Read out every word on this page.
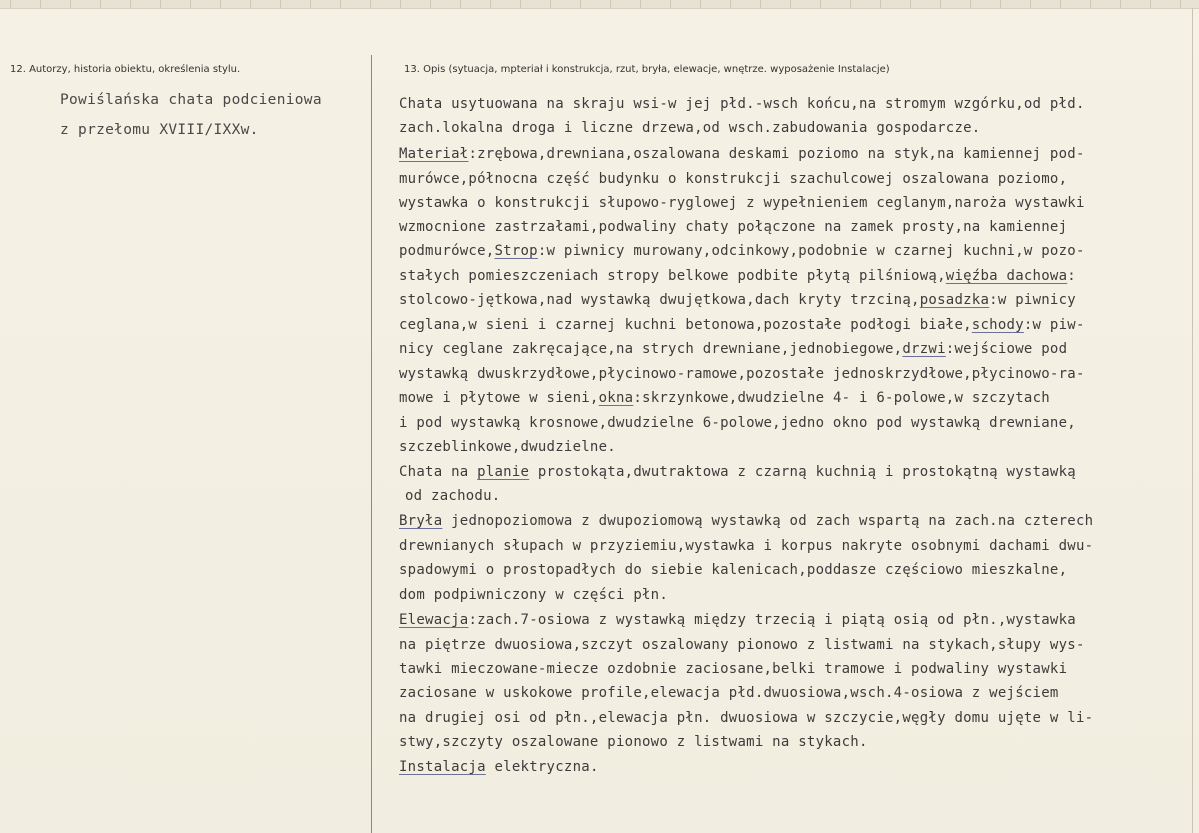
12. Autorzy, historia obiektu, określenia stylu.	13. Opis (sytuacja, mpteriał i konstrukcja, rzut, bryła, elewacje, wnętrze. wyposażenie Instalacje)
Powiślańska chata podcieniowa
z przełomu XVIII/IXXw.
Chata usytuowana na skraju wsi-w jej płd.-wsch końcu,na stromym wzgórku,od płd.
zach.lokalna droga i liczne drzewa,od wsch.zabudowania gospodarcze.
Materiał:zrębowa,drewniana,oszalowana deskami poziomo na styk,na kamiennej pod-
murówce,północna część budynku o konstrukcji szachulcowej oszalowana poziomo,
wystawka o konstrukcji słupowo-ryglowej z wypełnieniem ceglanym,naroża wystawki
wzmocnione zastrzałami,podwaliny chaty połączone na zamek prosty,na kamiennej
podmurówce,Strop:w piwnicy murowany,odcinkowy,podobnie w czarnej kuchni,w pozo-
stałych pomieszczeniach stropy belkowe podbite płytą pilśniową,więźba dachowa:
stolcowo-jętkowa,nad wystawką dwujętkowa,dach kryty trzciną,posadzka:w piwnicy
ceglana,w sieni i czarnej kuchni betonowa,pozostałe podłogi białe,schody:w piw-
nicy ceglane zakręcające,na strych drewniane,jednobiegowe,drzwi:wejściowe pod
wystawką dwuskrzydłowe,płycinowo-ramowe,pozostałe jednoskrzydłowe,płycinowo-ra-
mowe i płytowe w sieni,okna:skrzynkowe,dwudzielne 4- i 6-polowe,w szczytach
i pod wystawką krosnowe,dwudzielne 6-polowe,jedno okno pod wystawką drewniane,
szczeblinkowe,dwudzielne.
Chata na planie prostokąta,dwutraktowa z czarną kuchnią i prostokątną wystawką
od zachodu.
Bryła jednopoziomowa z dwupoziomową wystawką od zach wspartą na zach.na czterech
drewnianych słupach w przyziemiu,wystawka i korpus nakryte osobnymi dachami dwu-
spadowymi o prostopadłych do siebie kalenicach,poddasze częściowo mieszkalne,
dom podpiwniczony w części płn.
Elewacja:zach.7-osiowa z wystawką między trzecią i piątą osią od płn.,wystawka
na piętrze dwuosiowa,szczyt oszalowany pionowo z listwami na stykach,słupy wys-
tawki mieczowane-miecze ozdobnie zaciosane,belki tramowe i podwaliny wystawki
zaciosane w uskokowe profile,elewacja płd.dwuosiowa,wsch.4-osiowa z wejściem
na drugiej osi od płn.,elewacja płn. dwuosiowa w szczycie,węgły domu ujęte w li-
stwy,szczyty oszalowane pionowo z listwami na stykach.
Instalacja elektryczna.
